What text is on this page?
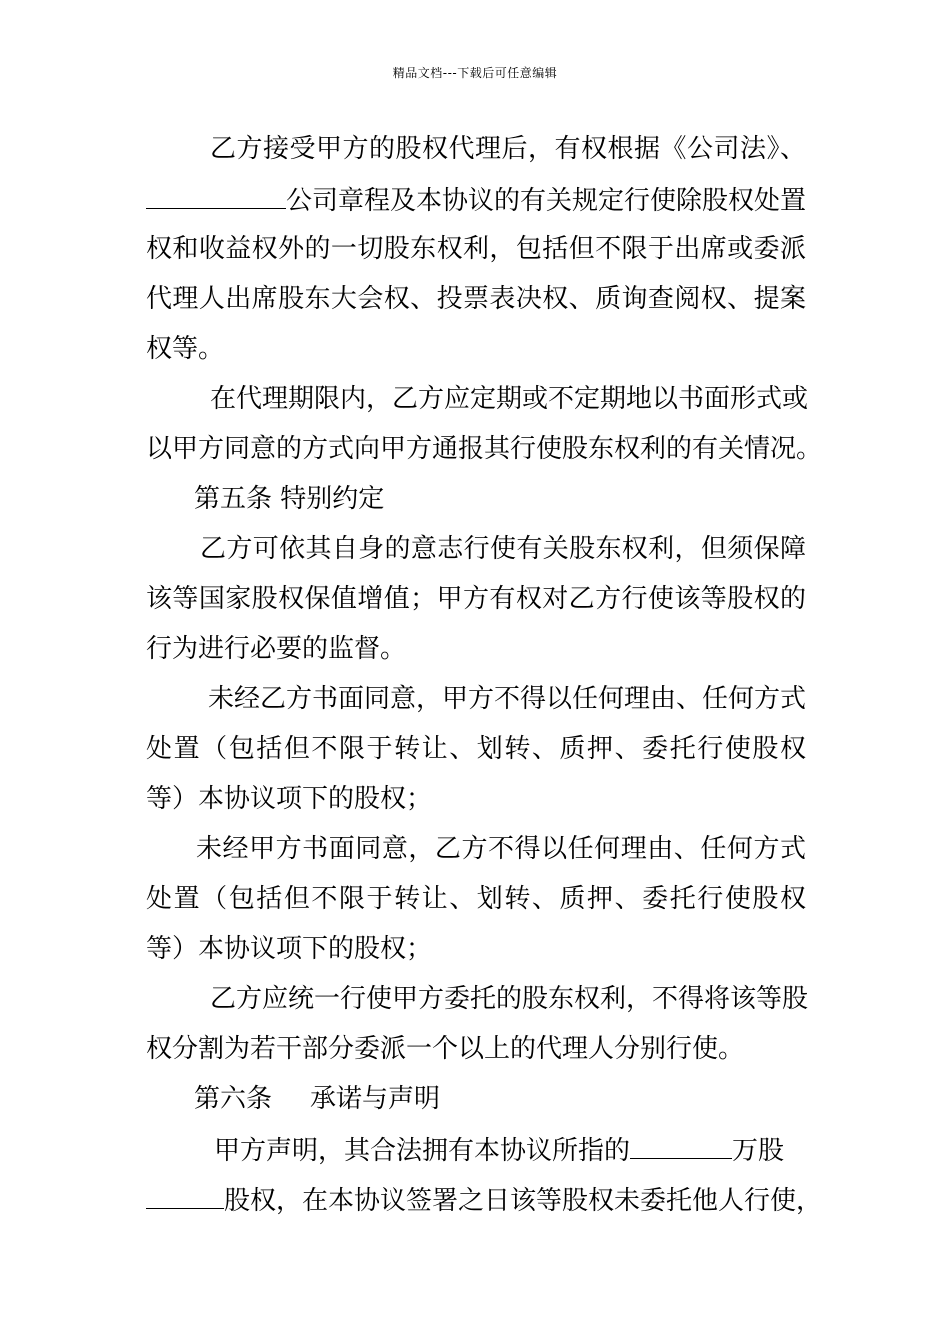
精品文档---下载后可任意编辑
乙方接受甲方的股权代理后，有权根据《公司法》、
公司章程及本协议的有关规定行使除股权处置
权和收益权外的一切股东权利，包括但不限于出席或委派
代理人出席股东大会权、投票表决权、质询查阅权、提案
权等。
在代理期限内，乙方应定期或不定期地以书面形式或
以甲方同意的方式向甲方通报其行使股东权利的有关情况。
第五条 特别约定
乙方可依其自身的意志行使有关股东权利，但须保障
该等国家股权保值增值；甲方有权对乙方行使该等股权的
行为进行必要的监督。
未经乙方书面同意，甲方不得以任何理由、任何方式
处置（包括但不限于转让、划转、质押、委托行使股权
等）本协议项下的股权；
未经甲方书面同意，乙方不得以任何理由、任何方式
处置（包括但不限于转让、划转、质押、委托行使股权
等）本协议项下的股权；
乙方应统一行使甲方委托的股东权利，不得将该等股
权分割为若干部分委派一个以上的代理人分别行使。
第六条 承诺与声明
甲方声明，其合法拥有本协议所指的	万股
股权，在本协议签署之日该等股权未委托他人行使，
